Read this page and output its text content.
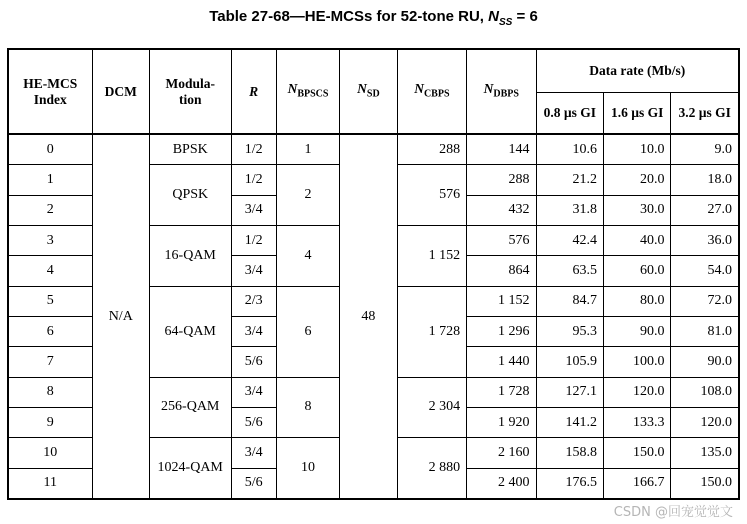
Table 27-68—HE-MCSs for 52-tone RU, $N_{SS} = 6$
HE-MCS Index	DCM	Modula-tion	R	$N_{BPSCS}$	$N_{SD}$	$N_{CBPS}$	$N_{DBPS}$	Data rate (Mb/s)		
								0.8 µs GI	1.6 µs GI	3.2 µs GI
0	N/A	BPSK	1/2	1	48	288	144	10.6	10.0	9.0
1		QPSK	1/2	2		576	288	21.2	20.0	18.0
2			3/4				432	31.8	30.0	27.0
3		16-QAM	1/2	4		1 152	576	42.4	40.0	36.0
4			3/4				864	63.5	60.0	54.0
5		64-QAM	2/3	6		1 728	1 152	84.7	80.0	72.0
6			3/4				1 296	95.3	90.0	81.0
7			5/6				1 440	105.9	100.0	90.0
8		256-QAM	3/4	8		2 304	1 728	127.1	120.0	108.0
9			5/6				1 920	141.2	133.3	120.0
10		1024-QAM	3/4	10		2 880	2 160	158.8	150.0	135.0
11			5/6				2 400	176.5	166.7	150.0
CSDN @回宠觉觉文
